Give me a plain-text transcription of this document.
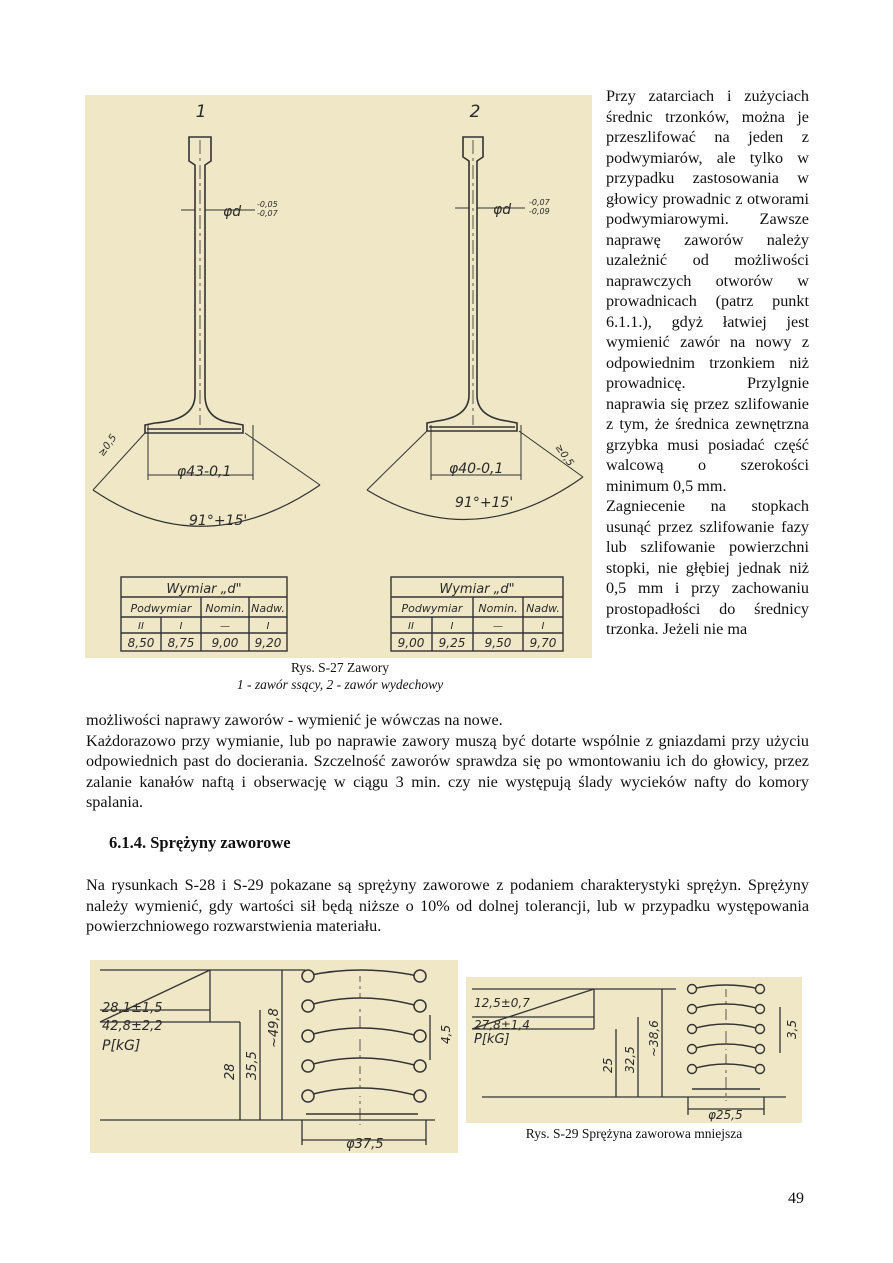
1
φd -0,05
-0,07
φ43-0,1
91°+15'
≥0,5
2
φd -0,07
-0,09
φ40-0,1
91°+15'
≥0,5
Wymiar „d"
Podwymiar Nomin. Nadw.
II	I	—	I
8,50 8,75 9,00 9,20
Wymiar „d"
Podwymiar Nomin. Nadw.
II	I	—	I
9,00 9,25 9,50 9,70
Rys. S-27 Zawory
1 - zawór ssący, 2 - zawór wydechowy

Przy zatarciach i zużyciach średnic trzonków, można je przeszlifować na jeden z podwymiarów, ale tylko w przypadku zastosowania w głowicy prowadnic z otworami podwymiarowymi. Zawsze naprawę zaworów należy uzależnić od możliwości naprawczych otworów w prowadnicach (patrz punkt 6.1.1.), gdyż łatwiej jest wymienić zawór na nowy z odpowiednim trzonkiem niż prowadnicę. Przylgnie naprawia się przez szlifowanie z tym, że średnica zewnętrzna grzybka musi posiadać część walcową o szerokości minimum 0,5 mm.

Zagniecenie na stopkach usunąć przez szlifowanie fazy lub szlifowanie powierzchni stopki, nie głębiej jednak niż 0,5 mm i przy zachowaniu prostopadłości do średnicy trzonka. Jeżeli nie ma

możliwości naprawy zaworów - wymienić je wówczas na nowe.
Każdorazowo przy wymianie, lub po naprawie zawory muszą być dotarte wspólnie z gniazdami przy użyciu odpowiednich past do docierania. Szczelność zaworów sprawdza się po wmontowaniu ich do głowicy, przez zalanie kanałów naftą i obserwację w ciągu 3 min. czy nie występują ślady wycieków nafty do komory spalania.
6.1.4. Sprężyny zaworowe
Na rysunkach S-28 i S-29 pokazane są sprężyny zaworowe z podaniem charakterystyki sprężyn. Sprężyny należy wymienić, gdy wartości sił będą niższe o 10% od dolnej tolerancji, lub w przypadku występowania powierzchniowego rozwarstwienia materiału.
28,1±1,5
42,8±2,2
P[kG]
28 35,5
~49,8	4,5
φ37,5
12,5±0,7
27,8±1,4
P[kG]
25 32,5
~38,6	3,5
φ25,5
Rys. S-29 Sprężyna zaworowa mniejsza
49
